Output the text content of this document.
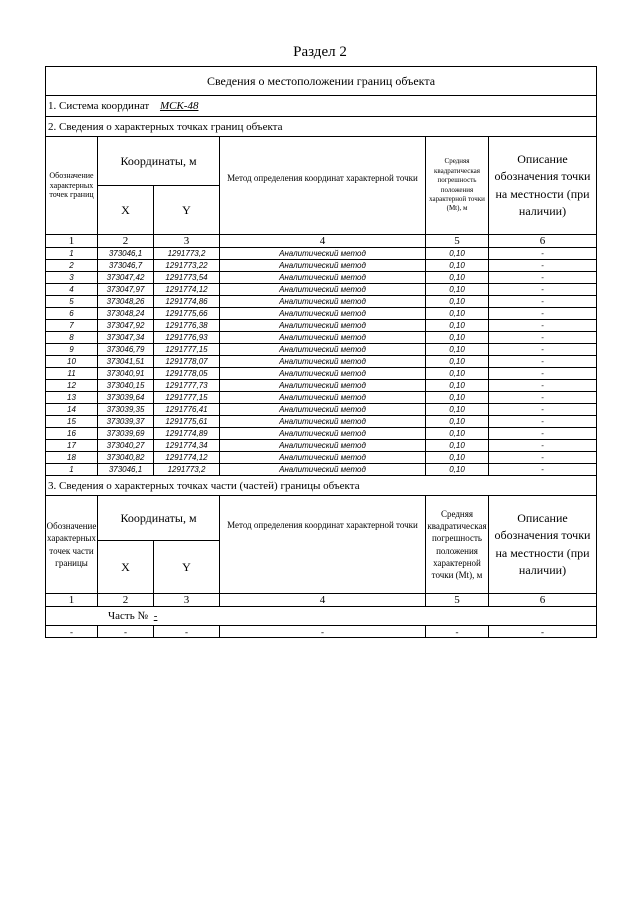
Раздел 2
Сведения о местоположении границ объекта					
1. Система координат МСК-48					
2. Сведения о характерных точках границ объекта					
Обозначение характерных точек границ	Координаты, м		Метод определения координат характерной точки	Средняя квадратическая погрешность положения характерной точки (Mt), м	Описание обозначения точки на местности (при наличии)
	X	Y			
1	2	3	4	5	6
1	373046,1	1291773,2	Аналитический метод	0,10	-
2	373046,7	1291773,22	Аналитический метод	0,10	-
3	373047,42	1291773,54	Аналитический метод	0,10	-
4	373047,97	1291774,12	Аналитический метод	0,10	-
5	373048,26	1291774,86	Аналитический метод	0,10	-
6	373048,24	1291775,66	Аналитический метод	0,10	-
7	373047,92	1291776,38	Аналитический метод	0,10	-
8	373047,34	1291776,93	Аналитический метод	0,10	-
9	373046,79	1291777,15	Аналитический метод	0,10	-
10	373041,51	1291778,07	Аналитический метод	0,10	-
11	373040,91	1291778,05	Аналитический метод	0,10	-
12	373040,15	1291777,73	Аналитический метод	0,10	-
13	373039,64	1291777,15	Аналитический метод	0,10	-
14	373039,35	1291776,41	Аналитический метод	0,10	-
15	373039,37	1291775,61	Аналитический метод	0,10	-
16	373039,69	1291774,89	Аналитический метод	0,10	-
17	373040,27	1291774,34	Аналитический метод	0,10	-
18	373040,82	1291774,12	Аналитический метод	0,10	-
1	373046,1	1291773,2	Аналитический метод	0,10	-
3. Сведения о характерных точках части (частей) границы объекта					
Обозначение характерных точек части границы	Координаты, м		Метод определения координат характерной точки	Средняя квадратическая погрешность положения характерной точки (Mt), м	Описание обозначения точки на местности (при наличии)
	X	Y			
1	2	3	4	5	6
Часть № -					
-	-	-	-	-	-
